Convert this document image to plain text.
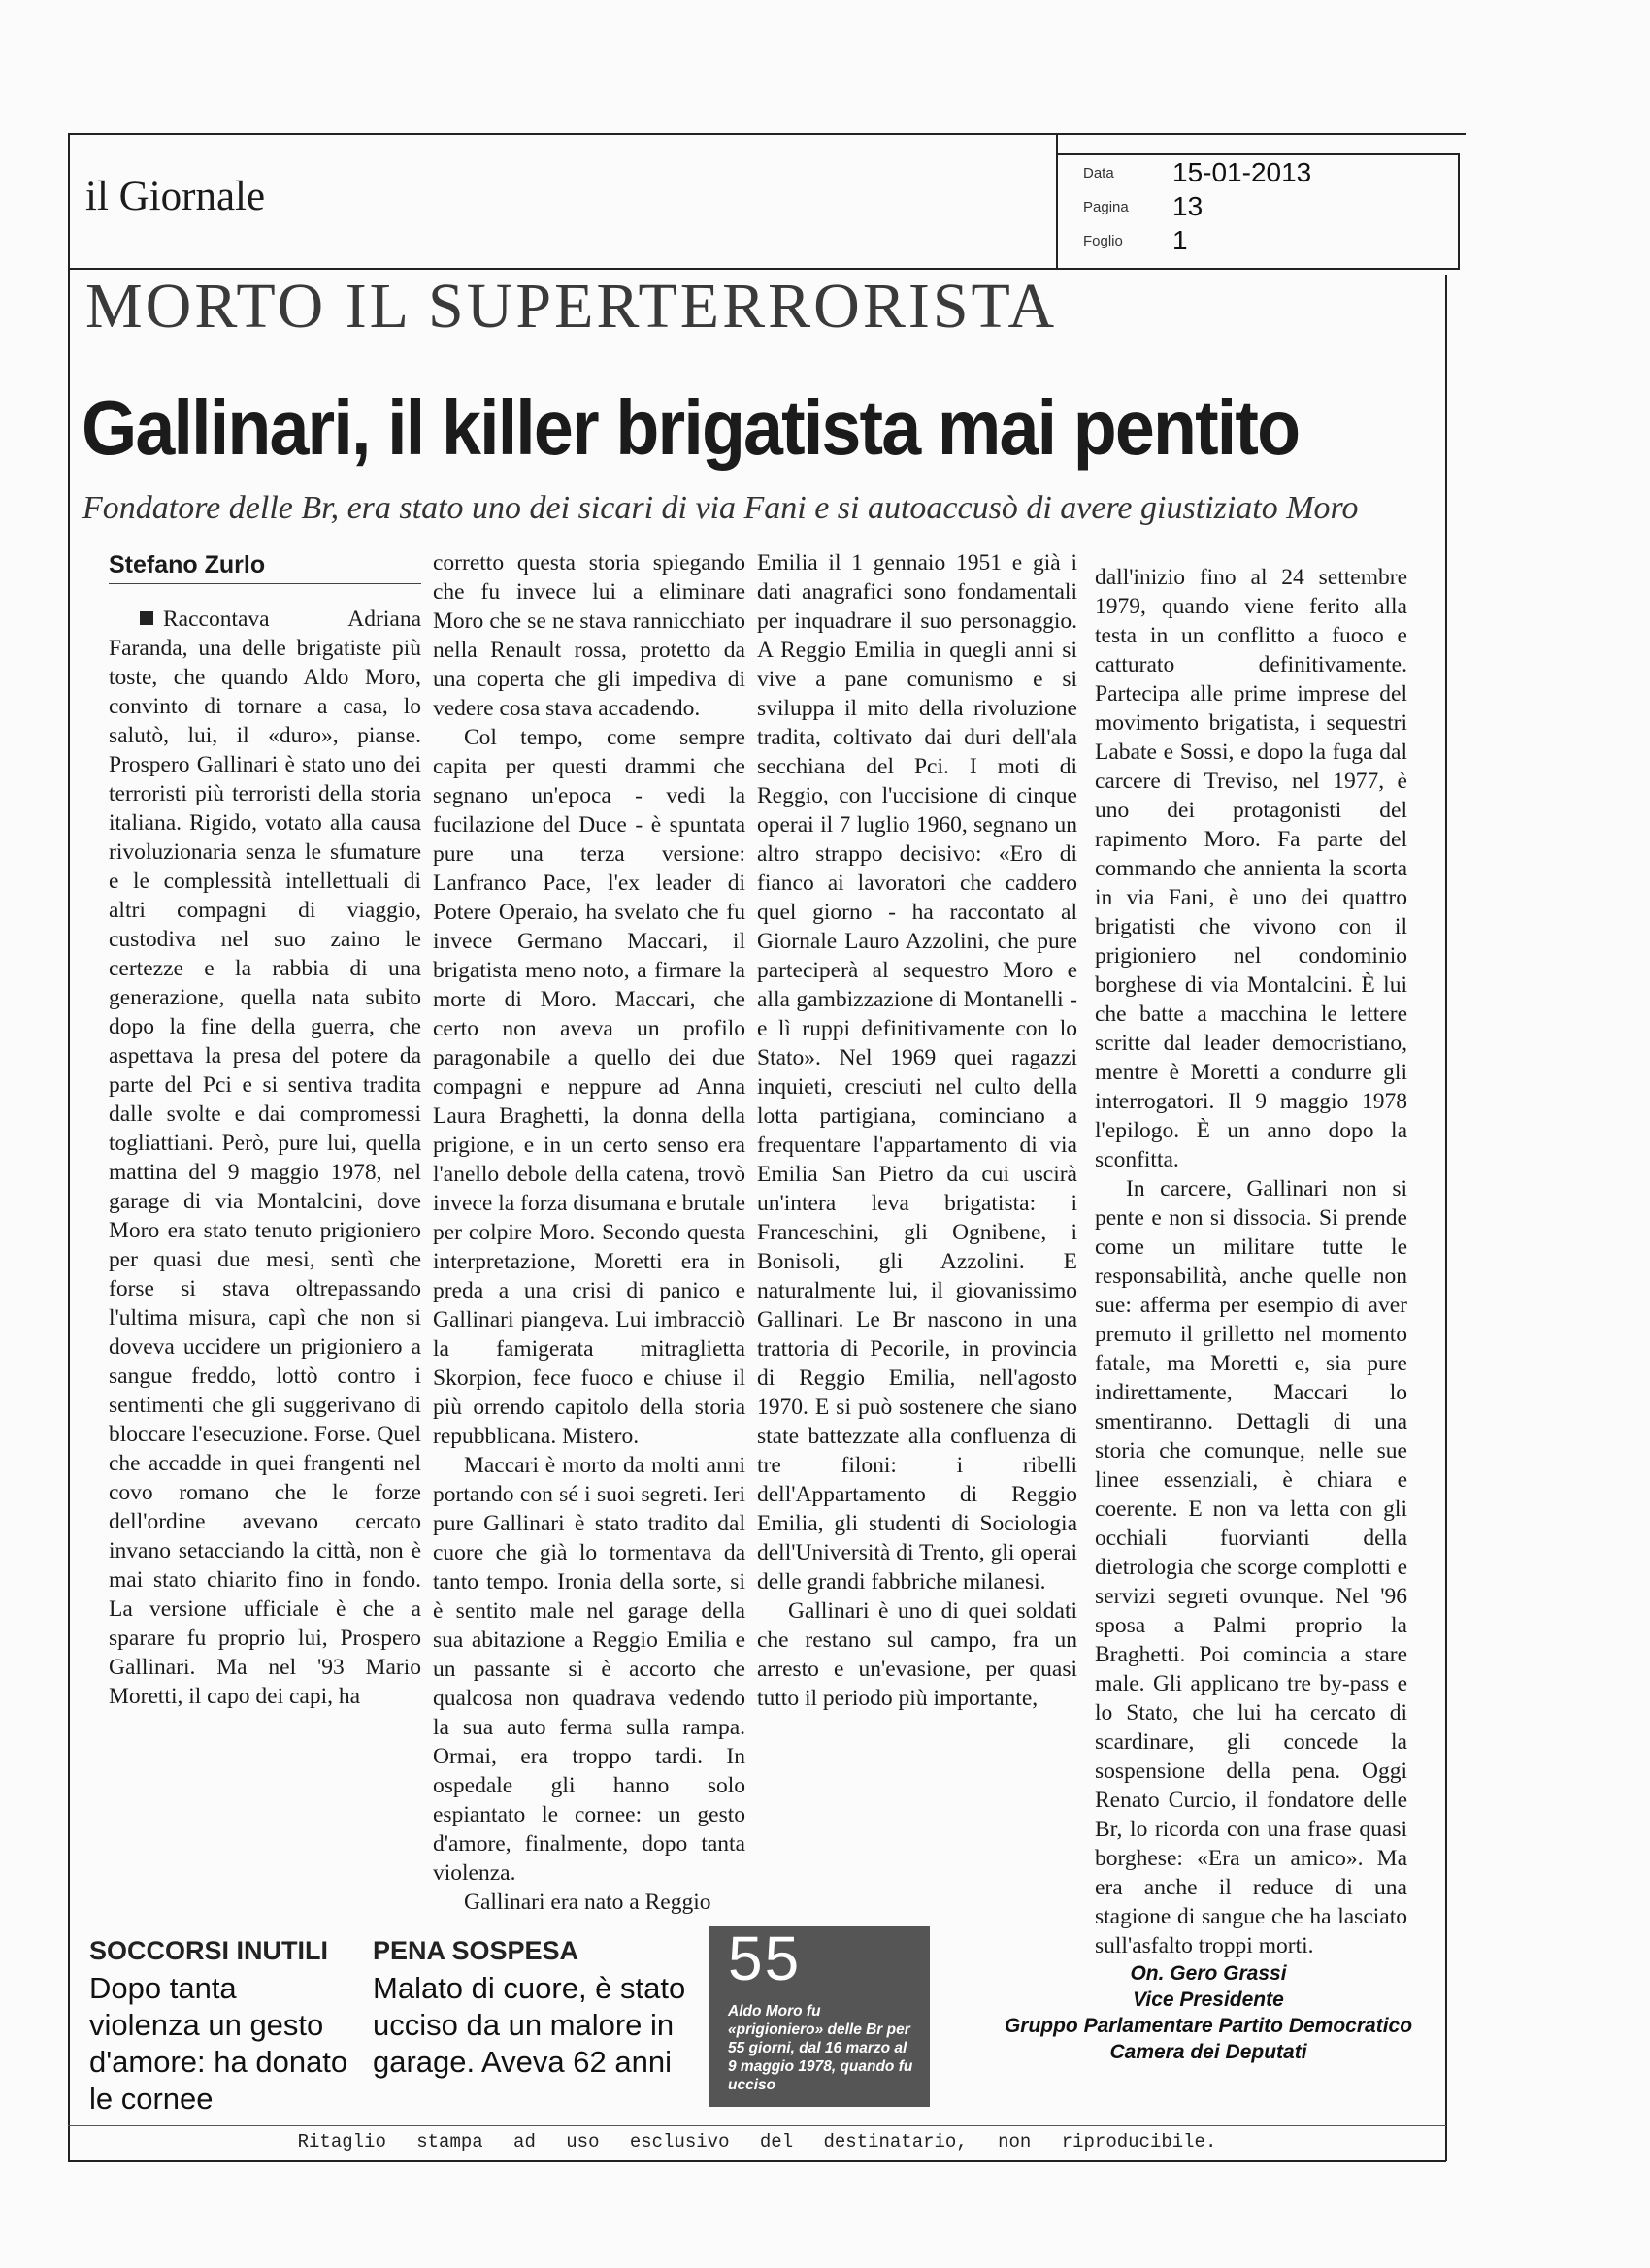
il Giornale
Data 15-01-2013
Pagina 13
Foglio 1
MORTO IL SUPERTERRORISTA
Gallinari, il killer brigatista mai pentito
Fondatore delle Br, era stato uno dei sicari di via Fani e si autoaccusò di avere giustiziato Moro
Stefano Zurlo

Raccontava Adriana Faranda, una delle brigatiste più toste, che quando Aldo Moro, convinto di tornare a casa, lo salutò, lui, il «duro», pianse. Prospero Gallinari è stato uno dei terroristi più terroristi della storia italiana. Rigido, votato alla causa rivoluzionaria senza le sfumature e le complessità intellettuali di altri compagni di viaggio, custodiva nel suo zaino le certezze e la rabbia di una generazione, quella nata subito dopo la fine della guerra, che aspettava la presa del potere da parte del Pci e si sentiva tradita dalle svolte e dai compromessi togliattiani. Però, pure lui, quella mattina del 9 maggio 1978, nel garage di via Montalcini, dove Moro era stato tenuto prigioniero per quasi due mesi, sentì che forse si stava oltrepassando l'ultima misura, capì che non si doveva uccidere un prigioniero a sangue freddo, lottò contro i sentimenti che gli suggerivano di bloccare l'esecuzione. Forse. Quel che accadde in quei frangenti nel covo romano che le forze dell'ordine avevano cercato invano setacciando la città, non è mai stato chiarito fino in fondo. La versione ufficiale è che a sparare fu proprio lui, Prospero Gallinari. Ma nel '93 Mario Moretti, il capo dei capi, ha

corretto questa storia spiegando che fu invece lui a eliminare Moro che se ne stava rannicchiato nella Renault rossa, protetto da una coperta che gli impediva di vedere cosa stava accadendo.

Col tempo, come sempre capita per questi drammi che segnano un'epoca - vedi la fucilazione del Duce - è spuntata pure una terza versione: Lanfranco Pace, l'ex leader di Potere Operaio, ha svelato che fu invece Germano Maccari, il brigatista meno noto, a firmare la morte di Moro. Maccari, che certo non aveva un profilo paragonabile a quello dei due compagni e neppure ad Anna Laura Braghetti, la donna della prigione, e in un certo senso era l'anello debole della catena, trovò invece la forza disumana e brutale per colpire Moro. Secondo questa interpretazione, Moretti era in preda a una crisi di panico e Gallinari piangeva. Lui imbracciò la famigerata mitraglietta Skorpion, fece fuoco e chiuse il più orrendo capitolo della storia repubblicana. Mistero.

Maccari è morto da molti anni portando con sé i suoi segreti. Ieri pure Gallinari è stato tradito dal cuore che già lo tormentava da tanto tempo. Ironia della sorte, si è sentito male nel garage della sua abitazione a Reggio Emilia e un passante si è accorto che qualcosa non quadrava vedendo la sua auto ferma sulla rampa. Ormai, era troppo tardi. In ospedale gli hanno solo espiantato le cornee: un gesto d'amore, finalmente, dopo tanta violenza.

Gallinari era nato a Reggio

Emilia il 1 gennaio 1951 e già i dati anagrafici sono fondamentali per inquadrare il suo personaggio. A Reggio Emilia in quegli anni si vive a pane comunismo e si sviluppa il mito della rivoluzione tradita, coltivato dai duri dell'ala secchiana del Pci. I moti di Reggio, con l'uccisione di cinque operai il 7 luglio 1960, segnano un altro strappo decisivo: «Ero di fianco ai lavoratori che caddero quel giorno - ha raccontato al Giornale Lauro Azzolini, che pure parteciperà al sequestro Moro e alla gambizzazione di Montanelli - e lì ruppi definitivamente con lo Stato». Nel 1969 quei ragazzi inquieti, cresciuti nel culto della lotta partigiana, cominciano a frequentare l'appartamento di via Emilia San Pietro da cui uscirà un'intera leva brigatista: i Franceschini, gli Ognibene, i Bonisoli, gli Azzolini. E naturalmente lui, il giovanissimo Gallinari. Le Br nascono in una trattoria di Pecorile, in provincia di Reggio Emilia, nell'agosto 1970. E si può sostenere che siano state battezzate alla confluenza di tre filoni: i ribelli dell'Appartamento di Reggio Emilia, gli studenti di Sociologia dell'Università di Trento, gli operai delle grandi fabbriche milanesi.

Gallinari è uno di quei soldati che restano sul campo, fra un arresto e un'evasione, per quasi tutto il periodo più importante,

dall'inizio fino al 24 settembre 1979, quando viene ferito alla testa in un conflitto a fuoco e catturato definitivamente. Partecipa alle prime imprese del movimento brigatista, i sequestri Labate e Sossi, e dopo la fuga dal carcere di Treviso, nel 1977, è uno dei protagonisti del rapimento Moro. Fa parte del commando che annienta la scorta in via Fani, è uno dei quattro brigatisti che vivono con il prigioniero nel condominio borghese di via Montalcini. È lui che batte a macchina le lettere scritte dal leader democristiano, mentre è Moretti a condurre gli interrogatori. Il 9 maggio 1978 l'epilogo. È un anno dopo la sconfitta.

In carcere, Gallinari non si pente e non si dissocia. Si prende come un militare tutte le responsabilità, anche quelle non sue: afferma per esempio di aver premuto il grilletto nel momento fatale, ma Moretti e, sia pure indirettamente, Maccari lo smentiranno. Dettagli di una storia che comunque, nelle sue linee essenziali, è chiara e coerente. E non va letta con gli occhiali fuorvianti della dietrologia che scorge complotti e servizi segreti ovunque. Nel '96 sposa a Palmi proprio la Braghetti. Poi comincia a stare male. Gli applicano tre by-pass e lo Stato, che lui ha cercato di scardinare, gli concede la sospensione della pena. Oggi Renato Curcio, il fondatore delle Br, lo ricorda con una frase quasi borghese: «Era un amico». Ma era anche il reduce di una stagione di sangue che ha lasciato sull'asfalto troppi morti.

SOCCORSI INUTILI
Dopo tanta violenza un gesto d'amore: ha donato le cornee
PENA SOSPESA
Malato di cuore, è stato ucciso da un malore in garage. Aveva 62 anni
55
Aldo Moro fu «prigioniero» delle Br per 55 giorni, dal 16 marzo al 9 maggio 1978, quando fu ucciso
On. Gero Grassi
Vice Presidente
Gruppo Parlamentare Partito Democratico
Camera dei Deputati
Ritaglio stampa ad uso esclusivo del destinatario, non riproducibile.
